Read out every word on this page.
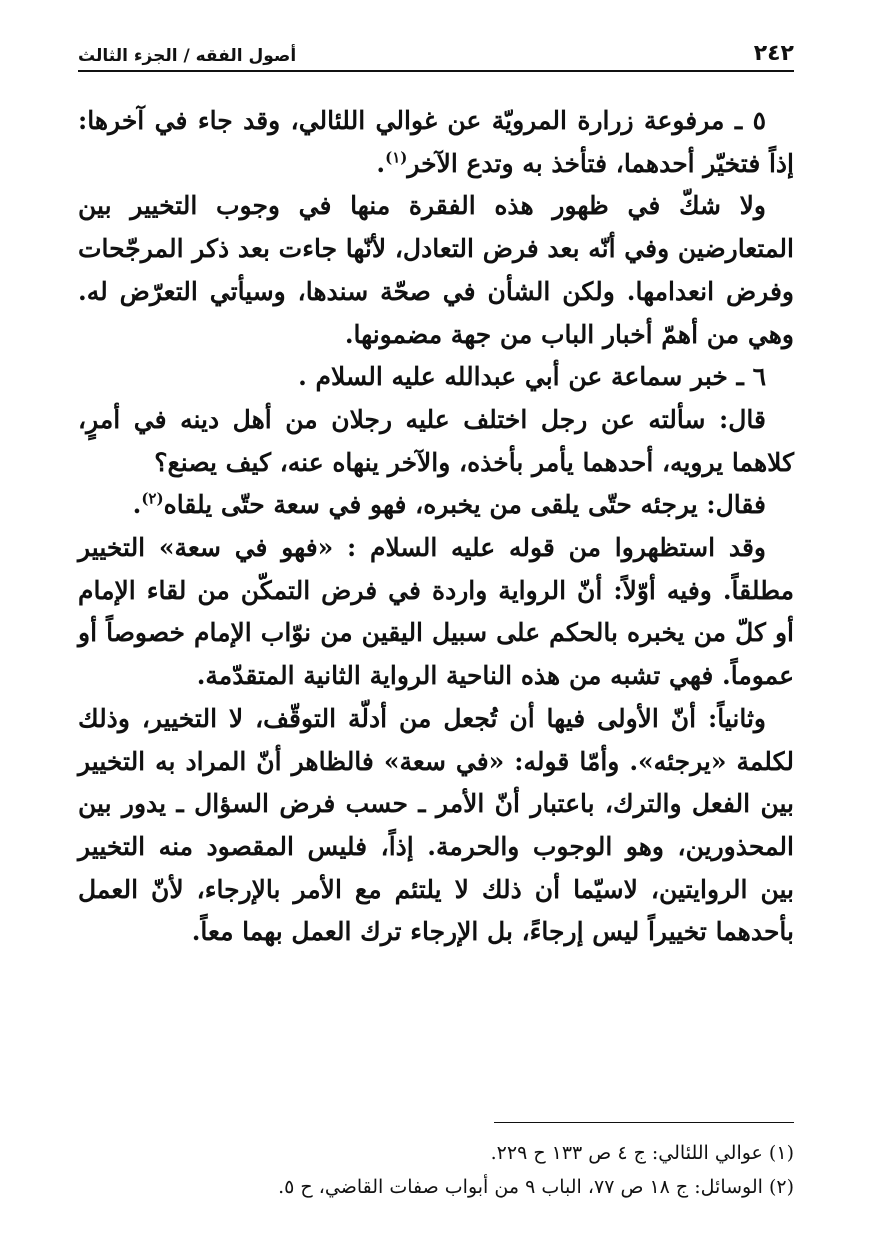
٢٤٢
أصول الفقه / الجزء الثالث

٥ ـ مرفوعة زرارة المرويّة عن غوالي اللئالي، وقد جاء في آخرها: إذاً فتخيّر أحدهما، فتأخذ به وتدع الآخر$^{(١)}$.

ولا شكّ في ظهور هذه الفقرة منها في وجوب التخيير بين المتعارضين وفي أنّه بعد فرض التعادل، لأنّها جاءت بعد ذكر المرجّحات وفرض انعدامها. ولكن الشأن في صحّة سندها، وسيأتي التعرّض له. وهي من أهمّ أخبار الباب من جهة مضمونها.

٦ ـ خبر سماعة عن أبي عبدالله عليه السلام .

قال: سألته عن رجل اختلف عليه رجلان من أهل دينه في أمرٍ، كلاهما يرويه، أحدهما يأمر بأخذه، والآخر ينهاه عنه، كيف يصنع؟

فقال: يرجئه حتّى يلقى من يخبره، فهو في سعة حتّى يلقاه$^{(٢)}$.

وقد استظهروا من قوله عليه السلام : «فهو في سعة» التخيير مطلقاً. وفيه أوّلاً: أنّ الرواية واردة في فرض التمكّن من لقاء الإمام أو كلّ من يخبره بالحكم على سبيل اليقين من نوّاب الإمام خصوصاً أو عموماً. فهي تشبه من هذه الناحية الرواية الثانية المتقدّمة.

وثانياً: أنّ الأولى فيها أن تُجعل من أدلّة التوقّف، لا التخيير، وذلك لكلمة «يرجئه». وأمّا قوله: «في سعة» فالظاهر أنّ المراد به التخيير بين الفعل والترك، باعتبار أنّ الأمر ـ حسب فرض السؤال ـ يدور بين المحذورين، وهو الوجوب والحرمة. إذاً، فليس المقصود منه التخيير بين الروايتين، لاسيّما أن ذلك لا يلتئم مع الأمر بالإرجاء، لأنّ العمل بأحدهما تخييراً ليس إرجاءً، بل الإرجاء ترك العمل بهما معاً.

(١) عوالي اللئالي: ج ٤ ص ١٣٣ ح ٢٢٩.

(٢) الوسائل: ج ١٨ ص ٧٧، الباب ٩ من أبواب صفات القاضي، ح ٥.
